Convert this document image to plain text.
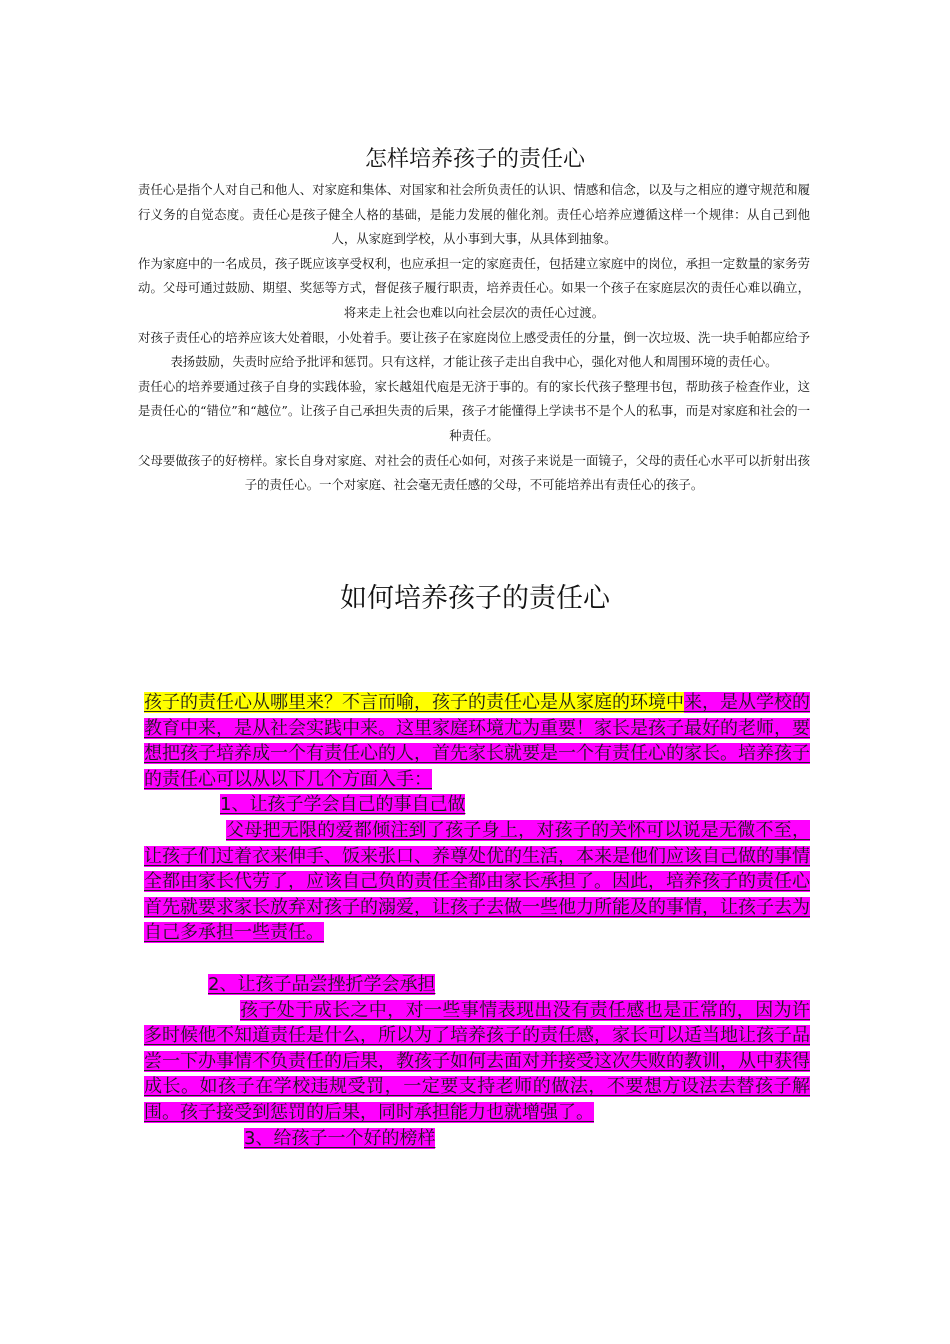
怎样培养孩子的责任心

责任心是指个人对自己和他人、对家庭和集体、对国家和社会所负责任的认识、情感和信念，以及与之相应的遵守规范和履行义务的自觉态度。责任心是孩子健全人格的基础，是能力发展的催化剂。责任心培养应遵循这样一个规律：从自己到他人，从家庭到学校，从小事到大事，从具体到抽象。

作为家庭中的一名成员，孩子既应该享受权利，也应承担一定的家庭责任，包括建立家庭中的岗位，承担一定数量的家务劳动。父母可通过鼓励、期望、奖惩等方式，督促孩子履行职责，培养责任心。如果一个孩子在家庭层次的责任心难以确立，将来走上社会也难以向社会层次的责任心过渡。

对孩子责任心的培养应该大处着眼，小处着手。要让孩子在家庭岗位上感受责任的分量，倒一次垃圾、洗一块手帕都应给予表扬鼓励，失责时应给予批评和惩罚。只有这样，才能让孩子走出自我中心，强化对他人和周围环境的责任心。

责任心的培养要通过孩子自身的实践体验，家长越俎代庖是无济于事的。有的家长代孩子整理书包，帮助孩子检查作业，这是责任心的“错位”和“越位”。让孩子自己承担失责的后果，孩子才能懂得上学读书不是个人的私事，而是对家庭和社会的一种责任。

父母要做孩子的好榜样。家长自身对家庭、对社会的责任心如何，对孩子来说是一面镜子，父母的责任心水平可以折射出孩子的责任心。一个对家庭、社会毫无责任感的父母，不可能培养出有责任心的孩子。

如何培养孩子的责任心

孩子的责任心从哪里来？不言而喻，孩子的责任心是从家庭的环境中来，是从学校的教育中来，是从社会实践中来。这里家庭环境尤为重要！家长是孩子最好的老师，要想把孩子培养成一个有责任心的人，首先家长就要是一个有责任心的家长。培养孩子的责任心可以从以下几个方面入手：

1、让孩子学会自己的事自己做

父母把无限的爱都倾注到了孩子身上，对孩子的关怀可以说是无微不至，让孩子们过着衣来伸手、饭来张口、养尊处优的生活，本来是他们应该自己做的事情全都由家长代劳了，应该自己负的责任全都由家长承担了。因此，培养孩子的责任心首先就要求家长放弃对孩子的溺爱，让孩子去做一些他力所能及的事情，让孩子去为自己多承担一些责任。

2、让孩子品尝挫折学会承担

孩子处于成长之中，对一些事情表现出没有责任感也是正常的，因为许多时候他不知道责任是什么，所以为了培养孩子的责任感，家长可以适当地让孩子品尝一下办事情不负责任的后果，教孩子如何去面对并接受这次失败的教训，从中获得成长。如孩子在学校违规受罚，一定要支持老师的做法，不要想方设法去替孩子解围。孩子接受到惩罚的后果，同时承担能力也就增强了。

3、给孩子一个好的榜样
